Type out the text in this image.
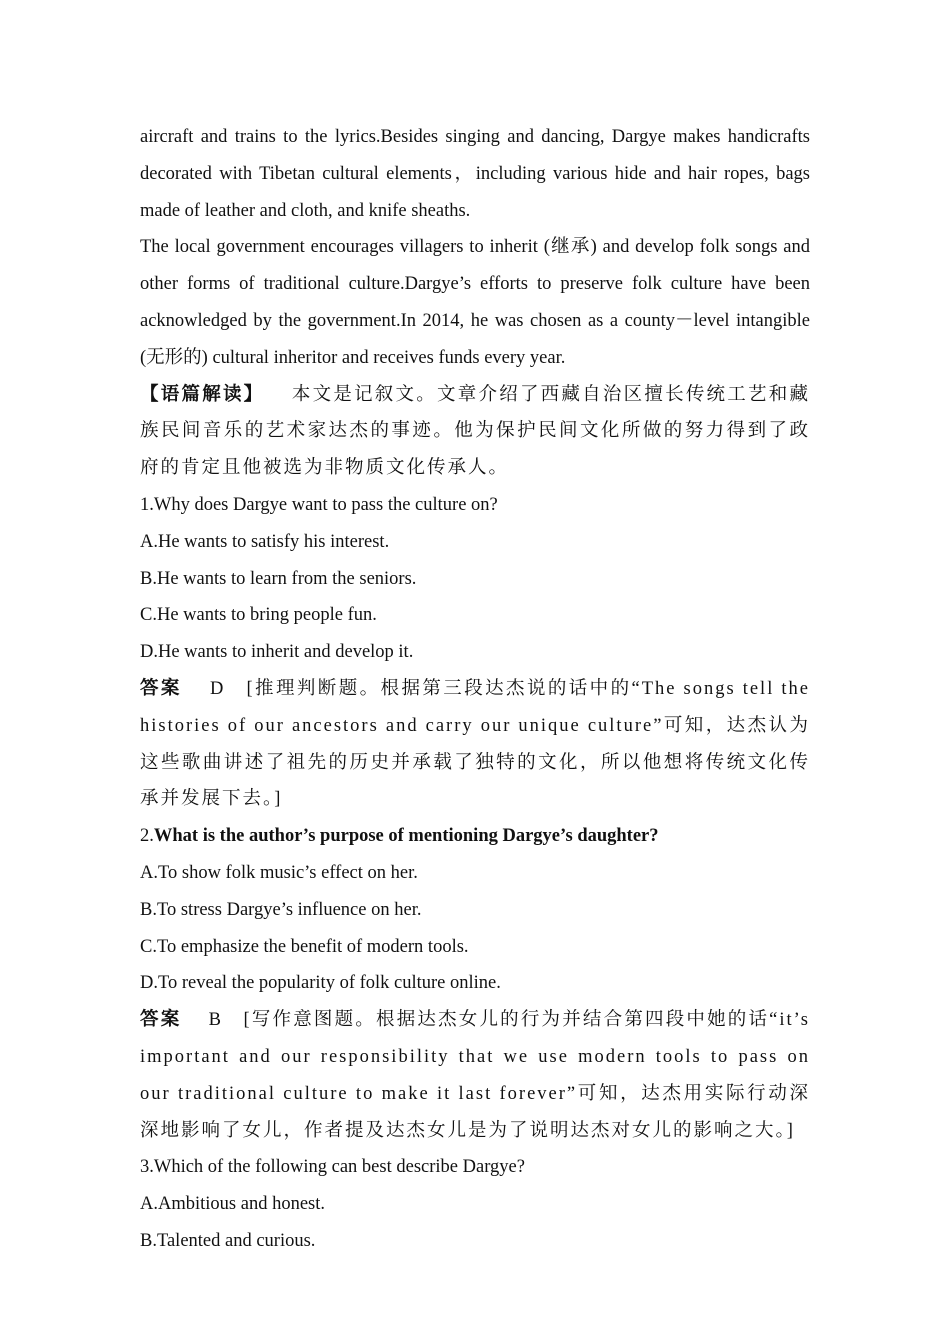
aircraft and trains to the lyrics.Besides singing and dancing, Dargye makes handicrafts decorated with Tibetan cultural elements，including various hide and hair ropes, bags made of leather and cloth, and knife sheaths.

The local government encourages villagers to inherit (继承) and develop folk songs and other forms of traditional culture.Dargye’s efforts to preserve folk culture have been acknowledged by the government.In 2014, he was chosen as a county－level intangible (无形的) cultural inheritor and receives funds every year.

【语篇解读】 本文是记叙文。文章介绍了西藏自治区擅长传统工艺和藏族民间音乐的艺术家达杰的事迹。他为保护民间文化所做的努力得到了政府的肯定且他被选为非物质文化传承人。

1.Why does Dargye want to pass the culture on?

A.He wants to satisfy his interest.

B.He wants to learn from the seniors.

C.He wants to bring people fun.

D.He wants to inherit and develop it.

答案 D [推理判断题。根据第三段达杰说的话中的“The songs tell the histories of our ancestors and carry our unique culture”可知，达杰认为这些歌曲讲述了祖先的历史并承载了独特的文化，所以他想将传统文化传承并发展下去。]

2.What is the author’s purpose of mentioning Dargye’s daughter?

A.To show folk music’s effect on her.

B.To stress Dargye’s influence on her.

C.To emphasize the benefit of modern tools.

D.To reveal the popularity of folk culture online.

答案 B [写作意图题。根据达杰女儿的行为并结合第四段中她的话“it’s important and our responsibility that we use modern tools to pass on our traditional culture to make it last forever”可知，达杰用实际行动深深地影响了女儿，作者提及达杰女儿是为了说明达杰对女儿的影响之大。]

3.Which of the following can best describe Dargye?

A.Ambitious and honest.

B.Talented and curious.
